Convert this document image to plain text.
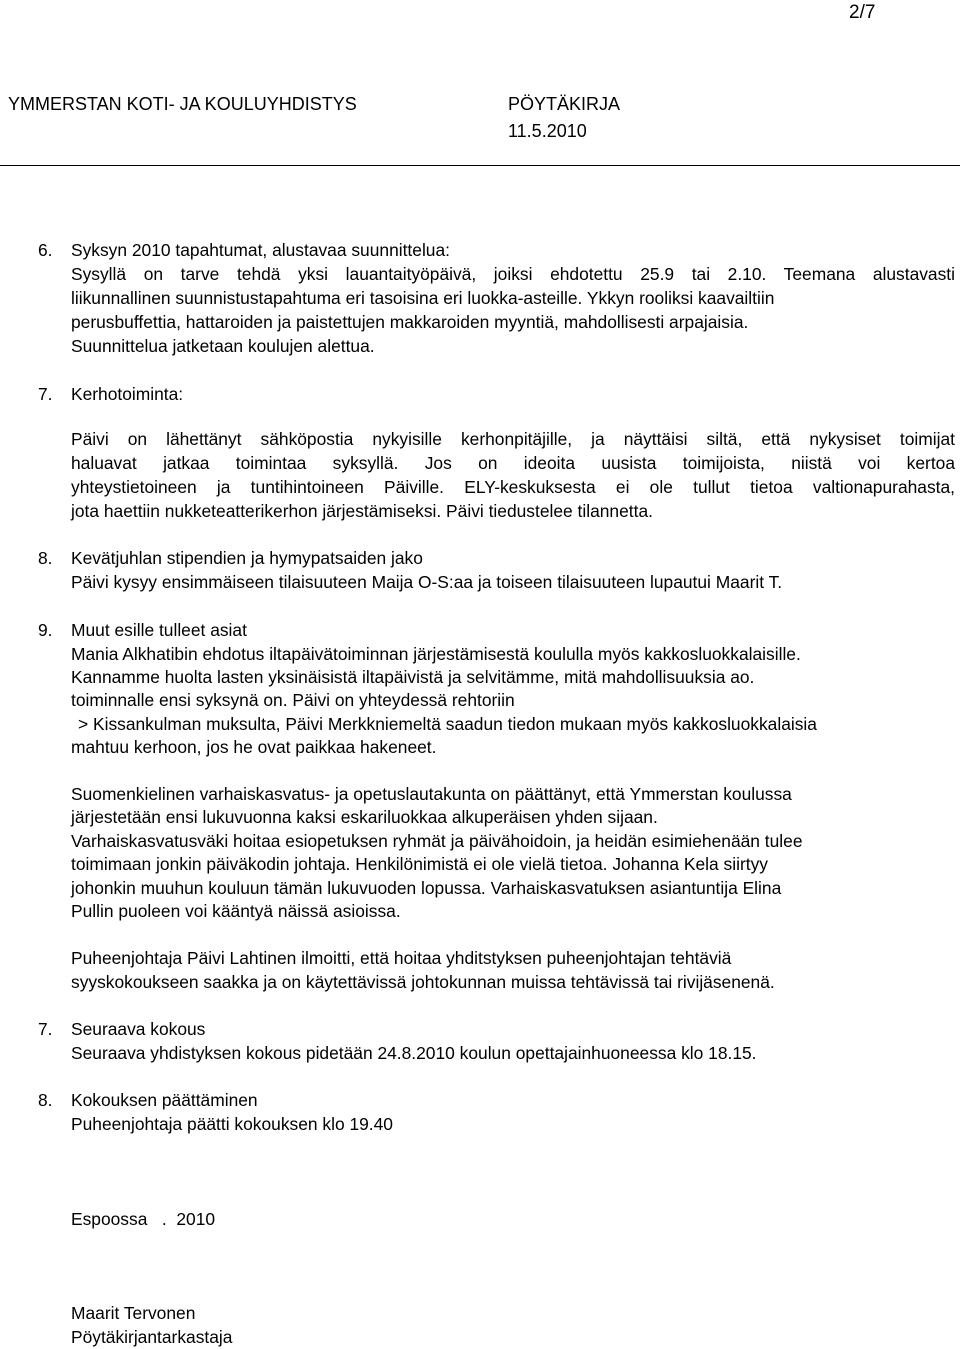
2/7
YMMERSTAN KOTI- JA KOULUYHDISTYS	PÖYTÄKIRJA
11.5.2010
6. Syksyn 2010 tapahtumat, alustavaa suunnittelua:
Sysyllä on tarve tehdä yksi lauantaityöpäivä, joiksi ehdotettu 25.9 tai 2.10. Teemana alustavasti
liikunnallinen suunnistustapahtuma eri tasoisina eri luokka-asteille. Ykkyn rooliksi kaavailtiin
perusbuffettia, hattaroiden ja paistettujen makkaroiden myyntiä, mahdollisesti arpajaisia.
Suunnittelua jatketaan koulujen alettua.
7. Kerhotoiminta:
Päivi on lähettänyt sähköpostia nykyisille kerhonpitäjille, ja näyttäisi siltä, että nykysiset toimijat
haluavat jatkaa toimintaa syksyllä. Jos on ideoita uusista toimijoista, niistä voi kertoa
yhteystietoineen ja tuntihintoineen Päiville. ELY-keskuksesta ei ole tullut tietoa valtionapurahasta,
jota haettiin nukketeatterikerhon järjestämiseksi. Päivi tiedustelee tilannetta.
8. Kevätjuhlan stipendien ja hymypatsaiden jako
Päivi kysyy ensimmäiseen tilaisuuteen Maija O-S:aa ja toiseen tilaisuuteen lupautui Maarit T.
9. Muut esille tulleet asiat
Mania Alkhatibin ehdotus iltapäivätoiminnan järjestämisestä koululla myös kakkosluokkalaisille.
Kannamme huolta lasten yksinäisistä iltapäivistä ja selvitämme, mitä mahdollisuuksia ao.
toiminnalle ensi syksynä on. Päivi on yhteydessä rehtoriin
> Kissankulman muksulta, Päivi Merkkniemeltä saadun tiedon mukaan myös kakkosluokkalaisia
mahtuu kerhoon, jos he ovat paikkaa hakeneet.
Suomenkielinen varhaiskasvatus- ja opetuslautakunta on päättänyt, että Ymmerstan koulussa
järjestetään ensi lukuvuonna kaksi eskariluokkaa alkuperäisen yhden sijaan.
Varhaiskasvatusväki hoitaa esiopetuksen ryhmät ja päivähoidoin, ja heidän esimiehenään tulee
toimimaan jonkin päiväkodin johtaja. Henkilönimistä ei ole vielä tietoa. Johanna Kela siirtyy
johonkin muuhun kouluun tämän lukuvuoden lopussa. Varhaiskasvatuksen asiantuntija Elina
Pullin puoleen voi kääntyä näissä asioissa.
Puheenjohtaja Päivi Lahtinen ilmoitti, että hoitaa yhditstyksen puheenjohtajan tehtäviä
syyskokoukseen saakka ja on käytettävissä johtokunnan muissa tehtävissä tai rivijäsenenä.
7. Seuraava kokous
Seuraava yhdistyksen kokous pidetään 24.8.2010 koulun opettajainhuoneessa klo 18.15.
8. Kokouksen päättäminen
Puheenjohtaja päätti kokouksen klo 19.40
Espoossa   .  2010
Maarit Tervonen
Pöytäkirjantarkastaja
